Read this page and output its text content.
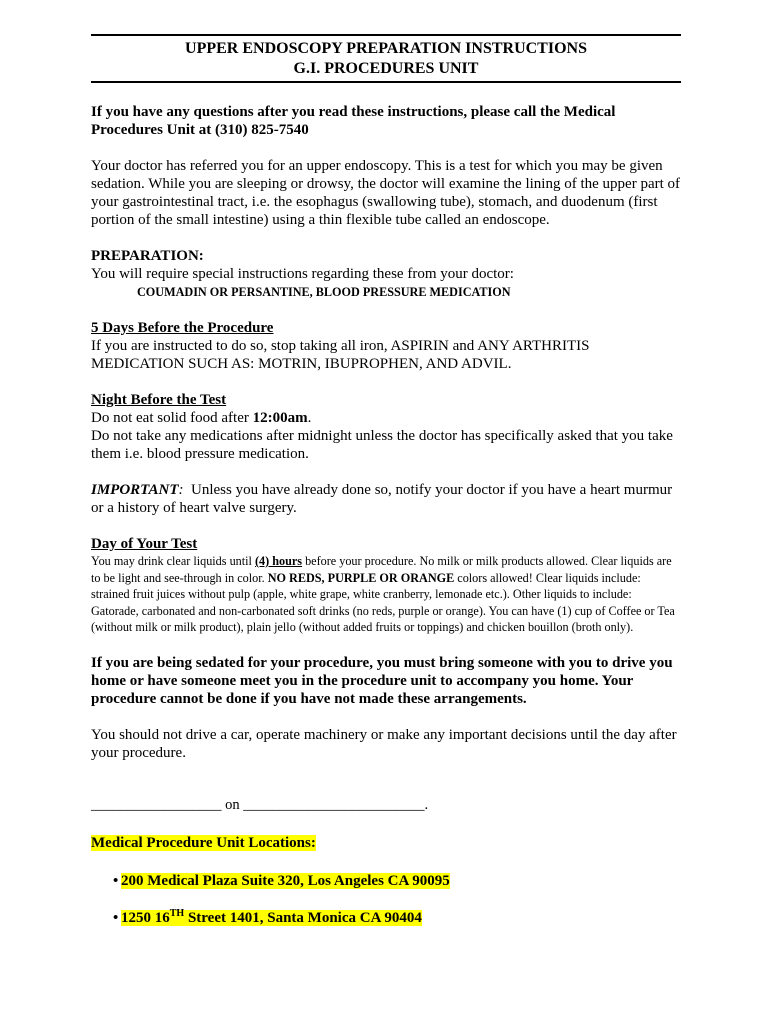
UPPER ENDOSCOPY PREPARATION INSTRUCTIONS
G.I. PROCEDURES UNIT

If you have any questions after you read these instructions, please call the Medical Procedures Unit at (310) 825-7540

Your doctor has referred you for an upper endoscopy. This is a test for which you may be given sedation. While you are sleeping or drowsy, the doctor will examine the lining of the upper part of your gastrointestinal tract, i.e. the esophagus (swallowing tube), stomach, and duodenum (first portion of the small intestine) using a thin flexible tube called an endoscope.

PREPARATION:

You will require special instructions regarding these from your doctor:

COUMADIN OR PERSANTINE, BLOOD PRESSURE MEDICATION

5 Days Before the Procedure

If you are instructed to do so, stop taking all iron, ASPIRIN and ANY ARTHRITIS MEDICATION SUCH AS: MOTRIN, IBUPROPHEN, AND ADVIL.

Night Before the Test

Do not eat solid food after 12:00am.

Do not take any medications after midnight unless the doctor has specifically asked that you take them i.e. blood pressure medication.

IMPORTANT:  Unless you have already done so, notify your doctor if you have a heart murmur or a history of heart valve surgery.

Day of Your Test

You may drink clear liquids until (4) hours before your procedure. No milk or milk products allowed. Clear liquids are to be light and see-through in color. NO REDS, PURPLE OR ORANGE colors allowed! Clear liquids include: strained fruit juices without pulp (apple, white grape, white cranberry, lemonade etc.). Other liquids to include: Gatorade, carbonated and non-carbonated soft drinks (no reds, purple or orange). You can have (1) cup of Coffee or Tea (without milk or milk product), plain jello (without added fruits or toppings) and chicken bouillon (broth only).

If you are being sedated for your procedure, you must bring someone with you to drive you home or have someone meet you in the procedure unit to accompany you home. Your procedure cannot be done if you have not made these arrangements.

You should not drive a car, operate machinery or make any important decisions until the day after your procedure.

__________________ on _________________________.

Medical Procedure Unit Locations:

• 200 Medical Plaza Suite 320, Los Angeles CA 90095
• 1250 16TH Street 1401, Santa Monica CA 90404
